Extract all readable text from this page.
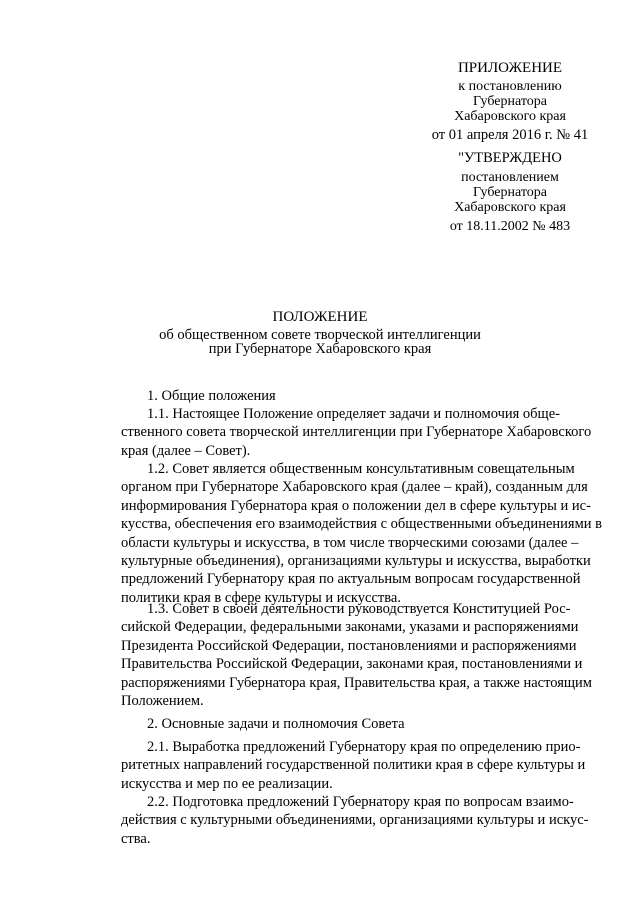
ПРИЛОЖЕНИЕ
к постановлению
Губернатора
Хабаровского края
от 01 апреля 2016 г. № 41
"УТВЕРЖДЕНО
постановлением
Губернатора
Хабаровского края
от 18.11.2002 № 483
ПОЛОЖЕНИЕ
об общественном совете творческой интеллигенции
при Губернаторе Хабаровского края
1. Общие положения
1.1. Настоящее Положение определяет задачи и полномочия обще-
ственного совета творческой интеллигенции при Губернаторе Хабаровского
края (далее – Совет).
1.2. Совет является общественным консультативным совещательным
органом при Губернаторе Хабаровского края (далее – край), созданным для
информирования Губернатора края о положении дел в сфере культуры и ис-
кусства, обеспечения его взаимодействия с общественными объединениями в
области культуры и искусства, в том числе творческими союзами (далее –
культурные объединения), организациями культуры и искусства, выработки
предложений Губернатору края по актуальным вопросам государственной
политики края в сфере культуры и искусства.
1.3. Совет в своей деятельности руководствуется Конституцией Рос-
сийской Федерации, федеральными законами, указами и распоряжениями
Президента Российской Федерации, постановлениями и распоряжениями
Правительства Российской Федерации, законами края, постановлениями и
распоряжениями Губернатора края, Правительства края, а также настоящим
Положением.
2. Основные задачи и полномочия Совета
2.1. Выработка предложений Губернатору края по определению прио-
ритетных направлений государственной политики края в сфере культуры и
искусства и мер по ее реализации.
2.2. Подготовка предложений Губернатору края по вопросам взаимо-
действия с культурными объединениями, организациями культуры и искус-
ства.
